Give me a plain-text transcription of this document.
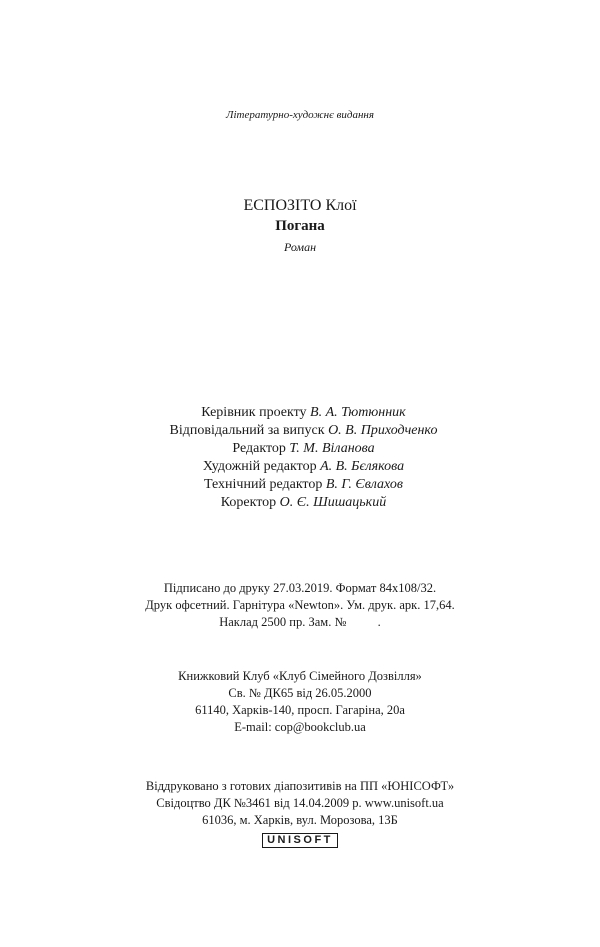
Літературно-художнє видання
ЕСПОЗІТО Клої
Погана
Роман

Керівник проекту В. А. Тютюнник

Відповідальний за випуск О. В. Приходченко

Редактор Т. М. Віланова

Художній редактор А. В. Бєлякова

Технічний редактор В. Г. Євлахов

Коректор О. Є. Шишацький

Підписано до друку 27.03.2019. Формат 84х108/32.
Друк офсетний. Гарнітура «Newton». Ум. друк. арк. 17,64.
Наклад 2500 пр. Зам. №          .
Книжковий Клуб «Клуб Сімейного Дозвілля»
Св. № ДК65 від 26.05.2000
61140, Харків-140, просп. Гагаріна, 20а
E-mail: cop@bookclub.ua
Віддруковано з готових діапозитивів на ПП «ЮНІСОФТ»
Свідоцтво ДК №3461 від 14.04.2009 р. www.unisoft.ua
61036, м. Харків, вул. Морозова, 13Б
UNISOFT
